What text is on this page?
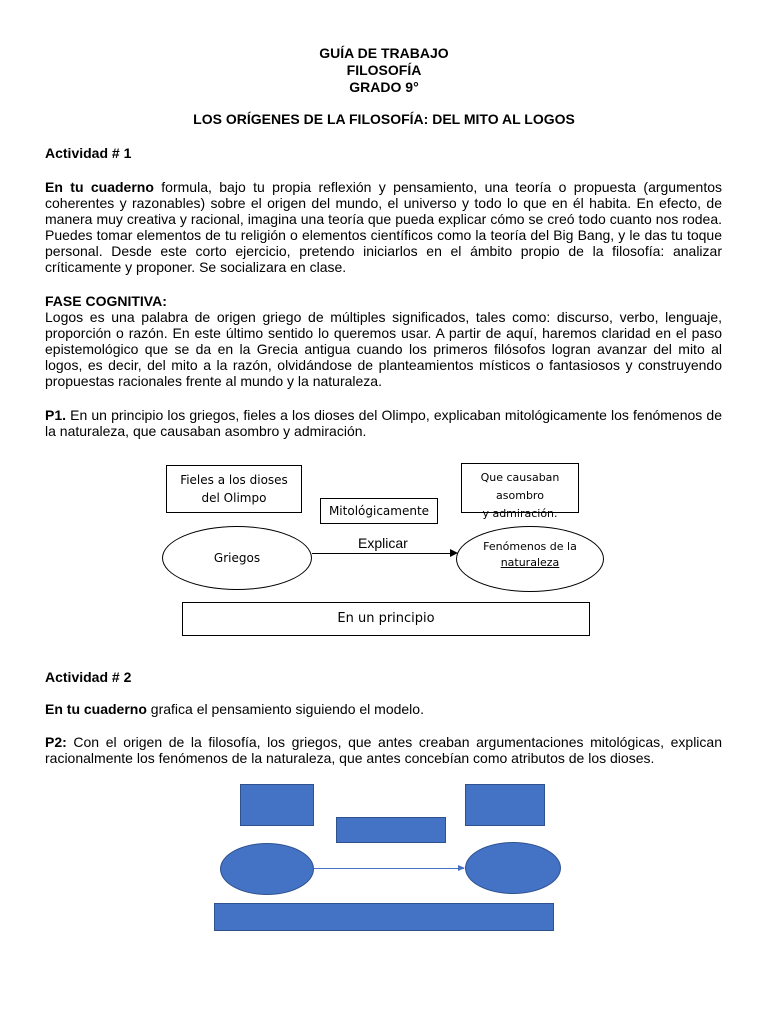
GUÍA DE TRABAJO
FILOSOFÍA
GRADO 9°
LOS ORÍGENES DE LA FILOSOFÍA: DEL MITO AL LOGOS
Actividad # 1
En tu cuaderno formula, bajo tu propia reflexión y pensamiento, una teoría o propuesta (argumentos coherentes y razonables) sobre el origen del mundo, el universo y todo lo que en él habita. En efecto, de manera muy creativa y racional, imagina una teoría que pueda explicar cómo se creó todo cuanto nos rodea. Puedes tomar elementos de tu religión o elementos científicos como la teoría del Big Bang, y le das tu toque personal. Desde este corto ejercicio, pretendo iniciarlos en el ámbito propio de la filosofía: analizar críticamente y proponer. Se socializara en clase.
FASE COGNITIVA:
Logos es una palabra de origen griego de múltiples significados, tales como: discurso, verbo, lenguaje, proporción o razón. En este último sentido lo queremos usar. A partir de aquí, haremos claridad en el paso epistemológico que se da en la Grecia antigua cuando los primeros filósofos logran avanzar del mito al logos, es decir, del mito a la razón, olvidándose de planteamientos místicos o fantasiosos y construyendo propuestas racionales frente al mundo y la naturaleza.
P1. En un principio los griegos, fieles a los dioses del Olimpo, explicaban mitológicamente los fenómenos de la naturaleza, que causaban asombro y admiración.
Fieles a los dioses
del Olimpo
Mitológicamente
Que causaban asombro
y admiración.
Griegos
Explicar	Fenómenos de la
naturaleza
En un principio
Actividad # 2
En tu cuaderno grafica el pensamiento siguiendo el modelo.
P2: Con el origen de la filosofía, los griegos, que antes creaban argumentaciones mitológicas, explican racionalmente los fenómenos de la naturaleza, que antes concebían como atributos de los dioses.
